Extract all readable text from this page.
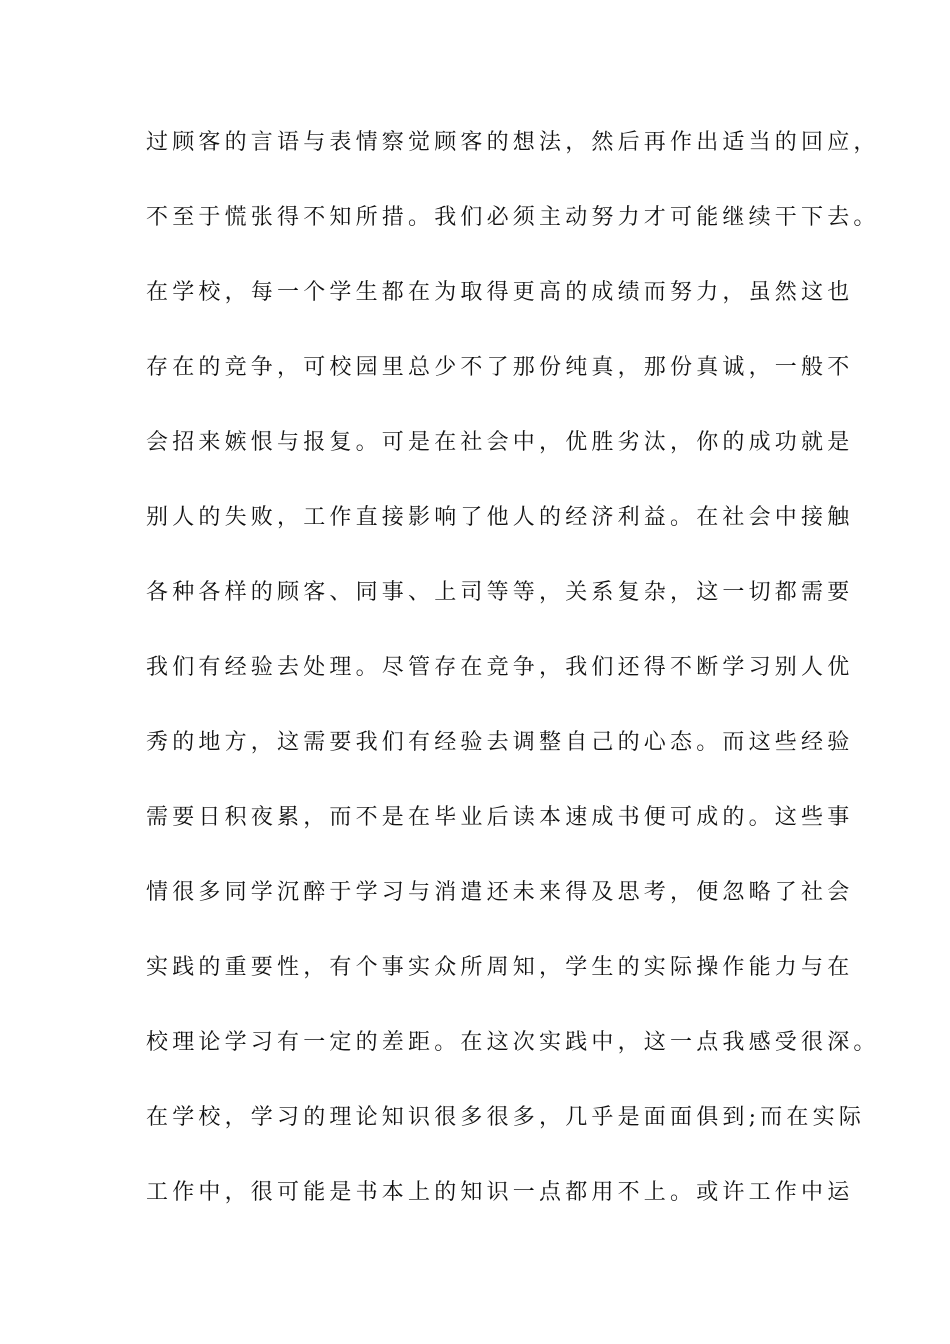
过顾客的言语与表情察觉顾客的想法，然后再作出适当的回应，
不至于慌张得不知所措。我们必须主动努力才可能继续干下去。
在学校，每一个学生都在为取得更高的成绩而努力，虽然这也
存在的竞争，可校园里总少不了那份纯真，那份真诚，一般不
会招来嫉恨与报复。可是在社会中，优胜劣汰，你的成功就是
别人的失败，工作直接影响了他人的经济利益。在社会中接触
各种各样的顾客、同事、上司等等，关系复杂，这一切都需要
我们有经验去处理。尽管存在竞争，我们还得不断学习别人优
秀的地方，这需要我们有经验去调整自己的心态。而这些经验
需要日积夜累，而不是在毕业后读本速成书便可成的。这些事
情很多同学沉醉于学习与消遣还未来得及思考，便忽略了社会
实践的重要性，有个事实众所周知，学生的实际操作能力与在
校理论学习有一定的差距。在这次实践中，这一点我感受很深。
在学校，学习的理论知识很多很多，几乎是面面俱到;而在实际
工作中，很可能是书本上的知识一点都用不上。或许工作中运
